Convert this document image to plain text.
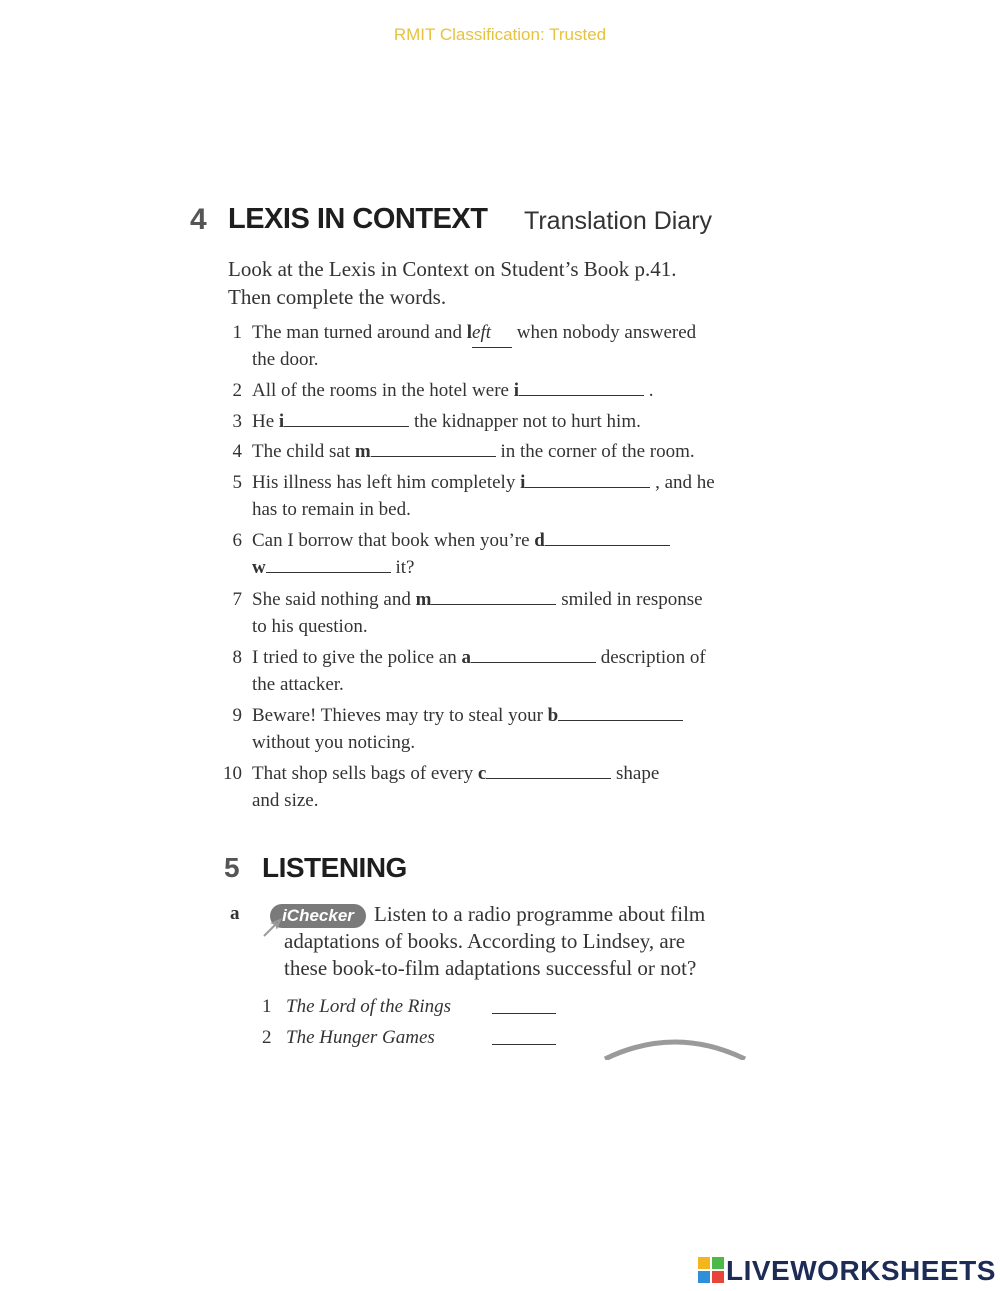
RMIT Classification: Trusted
4 LEXIS IN CONTEXT Translation Diary
Look at the Lexis in Context on Student’s Book p.41.
Then complete the words.
1 The man turned around and left when nobody answered
the door.
2 All of the rooms in the hotel were i	.
3 He i	the kidnapper not to hurt him.
4 The child sat m	in the corner of the room.
5 His illness has left him completely i	, and he
has to remain in bed.
6 Can I borrow that book when you’re d
w	it?
7 She said nothing and m	smiled in response
to his question.
8 I tried to give the police an a	description of
the attacker.
9 Beware! Thieves may try to steal your b
without you noticing.
10 That shop sells bags of every c	shape
and size.
5 LISTENING
a	iChecker Listen to a radio programme about film
adaptations of books. According to Lindsey, are
these book-to-film adaptations successful or not?
1 The Lord of the Rings
2 The Hunger Games
LIVEWORKSHEETS
